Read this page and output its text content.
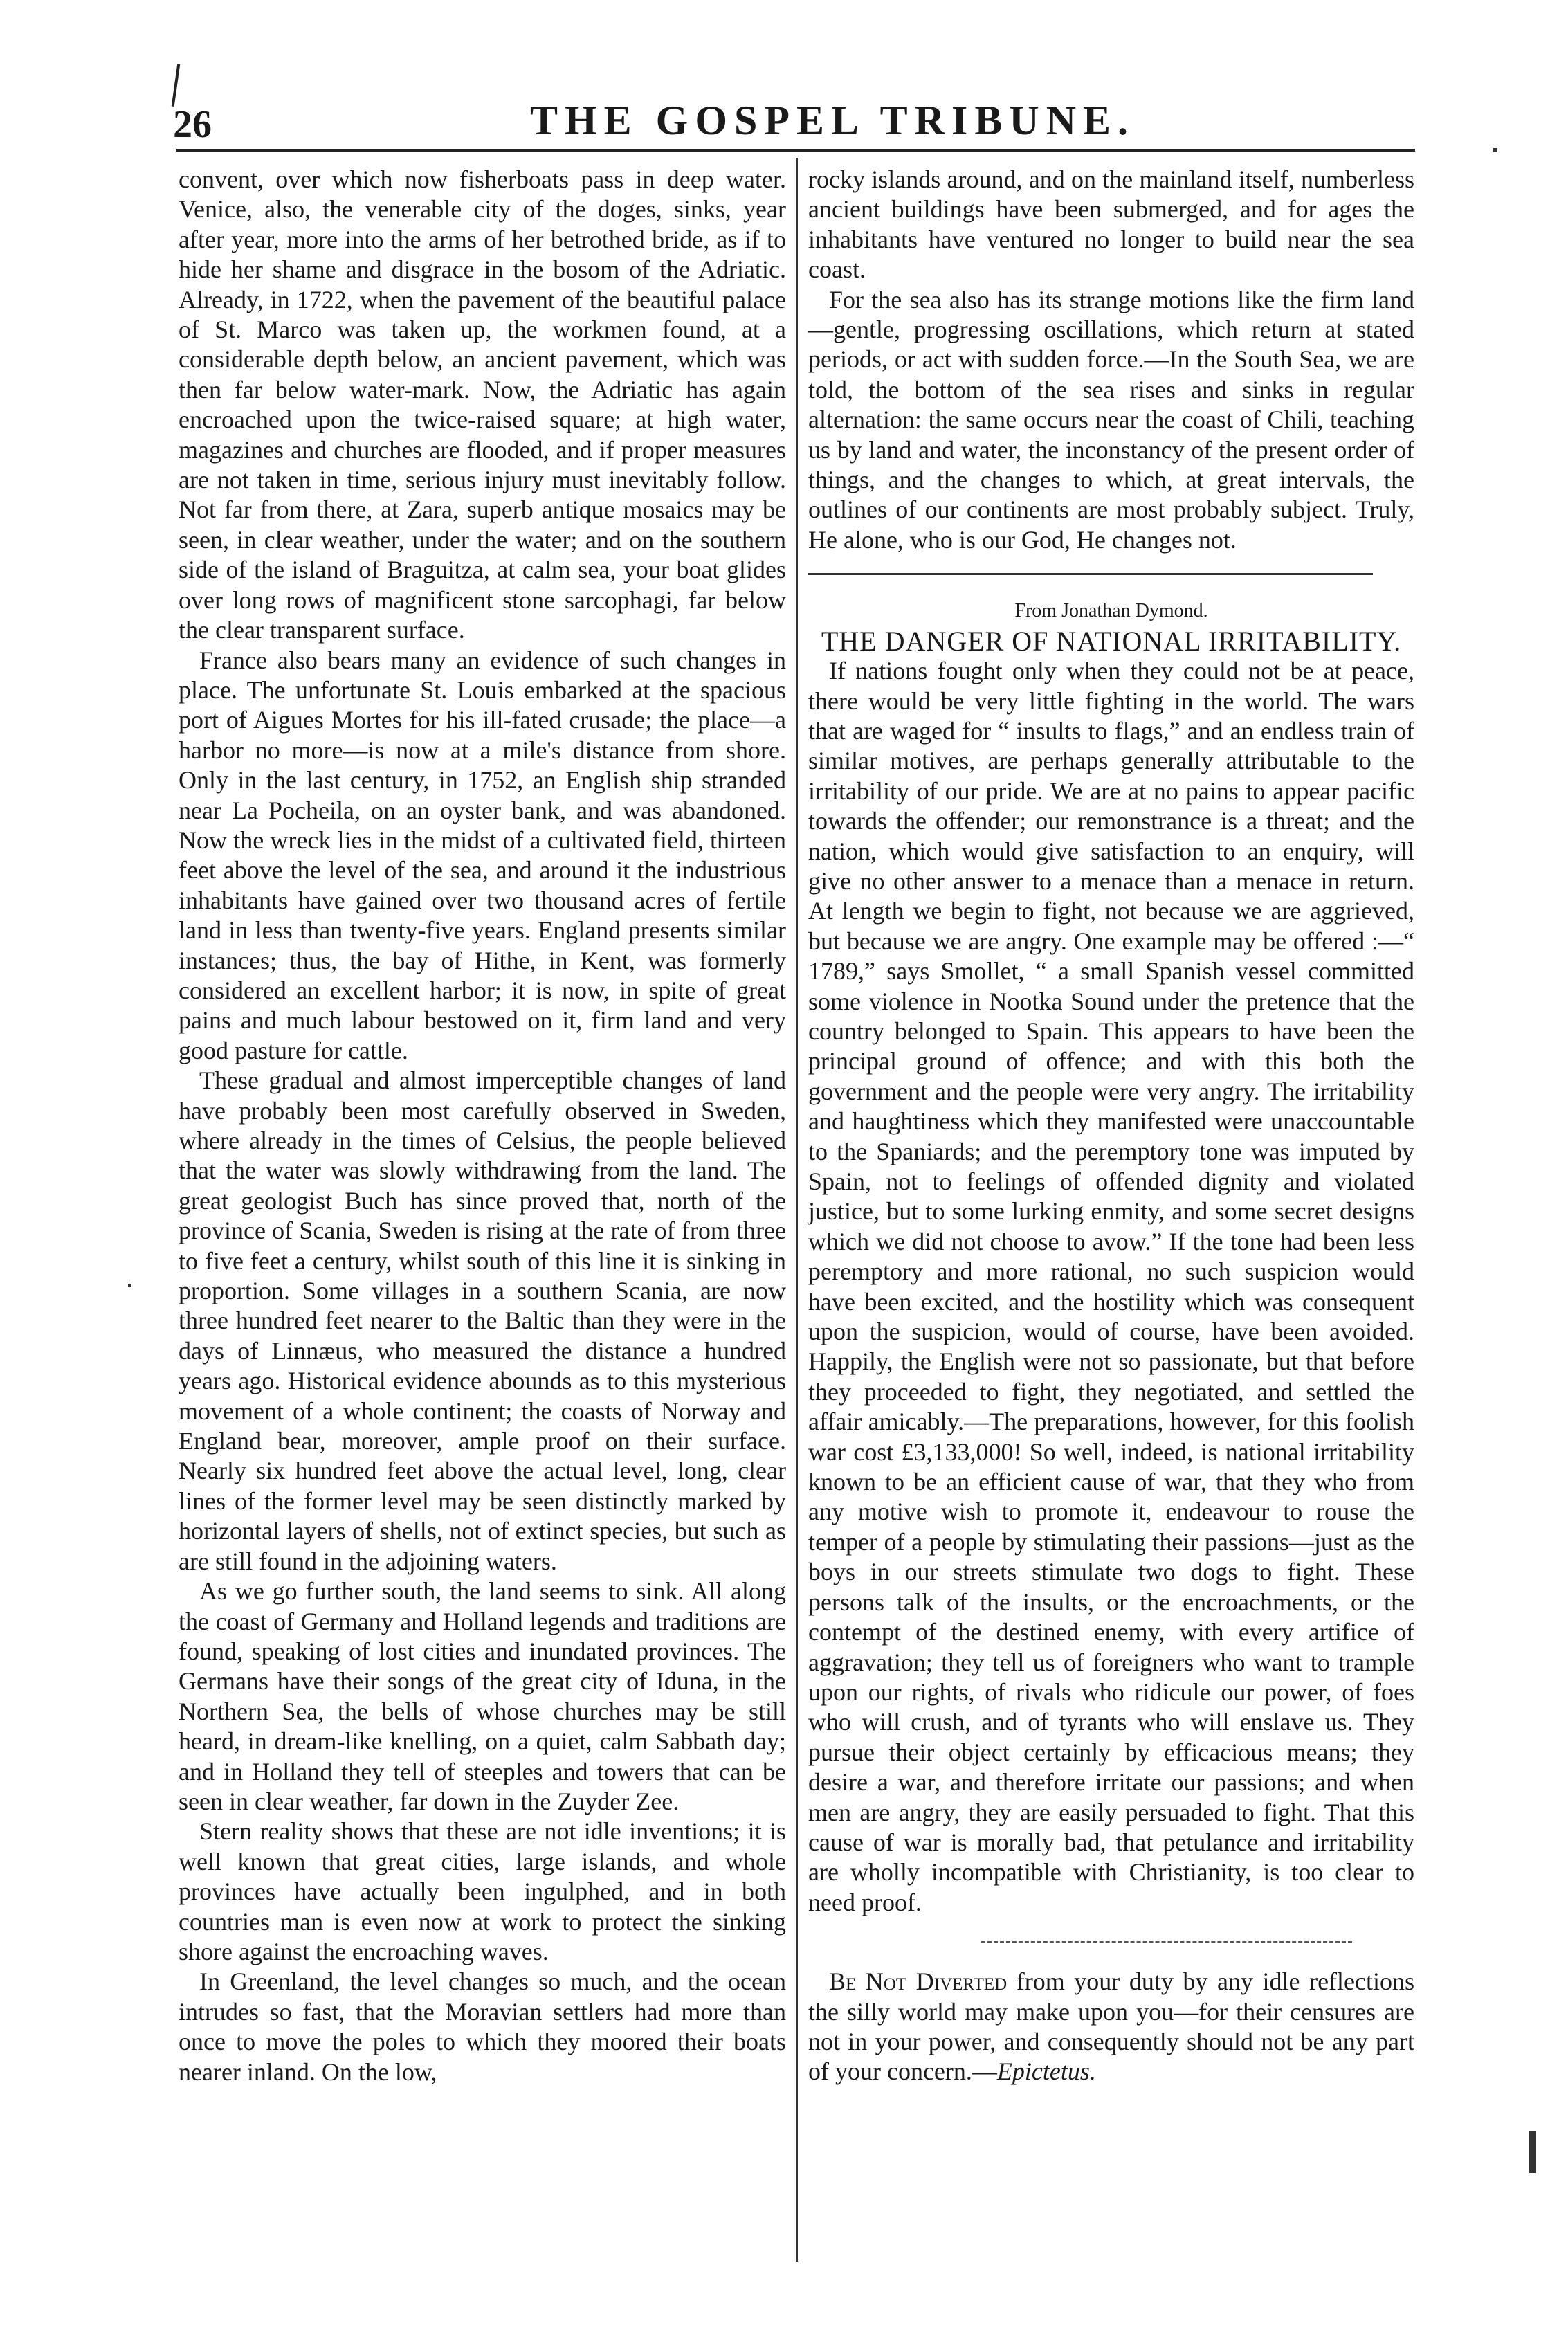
26	THE GOSPEL TRIBUNE.

convent, over which now fisherboats pass in deep water. Venice, also, the venerable city of the doges, sinks, year after year, more into the arms of her betrothed bride, as if to hide her shame and disgrace in the bosom of the Adriatic. Already, in 1722, when the pavement of the beautiful palace of St. Marco was taken up, the workmen found, at a considerable depth below, an ancient pavement, which was then far below water-mark. Now, the Adriatic has again encroached upon the twice-raised square; at high water, magazines and churches are flooded, and if proper measures are not taken in time, serious injury must inevitably follow. Not far from there, at Zara, superb antique mosaics may be seen, in clear weather, under the water; and on the southern side of the island of Braguitza, at calm sea, your boat glides over long rows of magnificent stone sarcophagi, far below the clear transparent surface.

France also bears many an evidence of such changes in place. The unfortunate St. Louis embarked at the spacious port of Aigues Mortes for his ill-fated crusade; the place—a harbor no more—is now at a mile's distance from shore. Only in the last century, in 1752, an English ship stranded near La Pocheila, on an oyster bank, and was abandoned. Now the wreck lies in the midst of a cultivated field, thirteen feet above the level of the sea, and around it the industrious inhabitants have gained over two thousand acres of fertile land in less than twenty-five years. England presents similar instances; thus, the bay of Hithe, in Kent, was formerly considered an excellent harbor; it is now, in spite of great pains and much labour bestowed on it, firm land and very good pasture for cattle.

These gradual and almost imperceptible changes of land have probably been most carefully observed in Sweden, where already in the times of Celsius, the people believed that the water was slowly withdrawing from the land. The great geologist Buch has since proved that, north of the province of Scania, Sweden is rising at the rate of from three to five feet a century, whilst south of this line it is sinking in proportion. Some villages in a southern Scania, are now three hundred feet nearer to the Baltic than they were in the days of Linnæus, who measured the distance a hundred years ago. Historical evidence abounds as to this mysterious movement of a whole continent; the coasts of Norway and England bear, moreover, ample proof on their surface. Nearly six hundred feet above the actual level, long, clear lines of the former level may be seen distinctly marked by horizontal layers of shells, not of extinct species, but such as are still found in the adjoining waters.

As we go further south, the land seems to sink. All along the coast of Germany and Holland legends and traditions are found, speaking of lost cities and inundated provinces. The Germans have their songs of the great city of Iduna, in the Northern Sea, the bells of whose churches may be still heard, in dream-like knelling, on a quiet, calm Sabbath day; and in Holland they tell of steeples and towers that can be seen in clear weather, far down in the Zuyder Zee.

Stern reality shows that these are not idle inventions; it is well known that great cities, large islands, and whole provinces have actually been ingulphed, and in both countries man is even now at work to protect the sinking shore against the encroaching waves.

In Greenland, the level changes so much, and the ocean intrudes so fast, that the Moravian settlers had more than once to move the poles to which they moored their boats nearer inland. On the low,

rocky islands around, and on the mainland itself, numberless ancient buildings have been submerged, and for ages the inhabitants have ventured no longer to build near the sea coast.

For the sea also has its strange motions like the firm land—gentle, progressing oscillations, which return at stated periods, or act with sudden force.—In the South Sea, we are told, the bottom of the sea rises and sinks in regular alternation: the same occurs near the coast of Chili, teaching us by land and water, the inconstancy of the present order of things, and the changes to which, at great intervals, the outlines of our continents are most probably subject. Truly, He alone, who is our God, He changes not.

From Jonathan Dymond.

THE DANGER OF NATIONAL IRRITABILITY.

If nations fought only when they could not be at peace, there would be very little fighting in the world. The wars that are waged for “ insults to flags,” and an endless train of similar motives, are perhaps generally attributable to the irritability of our pride. We are at no pains to appear pacific towards the offender; our remonstrance is a threat; and the nation, which would give satisfaction to an enquiry, will give no other answer to a menace than a menace in return. At length we begin to fight, not because we are aggrieved, but because we are angry. One example may be offered :—“ 1789,” says Smollet, “ a small Spanish vessel committed some violence in Nootka Sound under the pretence that the country belonged to Spain. This appears to have been the principal ground of offence; and with this both the government and the people were very angry. The irritability and haughtiness which they manifested were unaccountable to the Spaniards; and the peremptory tone was imputed by Spain, not to feelings of offended dignity and violated justice, but to some lurking enmity, and some secret designs which we did not choose to avow.” If the tone had been less peremptory and more rational, no such suspicion would have been excited, and the hostility which was consequent upon the suspicion, would of course, have been avoided. Happily, the English were not so passionate, but that before they proceeded to fight, they negotiated, and settled the affair amicably.—The preparations, however, for this foolish war cost £3,133,000! So well, indeed, is national irritability known to be an efficient cause of war, that they who from any motive wish to promote it, endeavour to rouse the temper of a people by stimulating their passions—just as the boys in our streets stimulate two dogs to fight. These persons talk of the insults, or the encroachments, or the contempt of the destined enemy, with every artifice of aggravation; they tell us of foreigners who want to trample upon our rights, of rivals who ridicule our power, of foes who will crush, and of tyrants who will enslave us. They pursue their object certainly by efficacious means; they desire a war, and therefore irritate our passions; and when men are angry, they are easily persuaded to fight. That this cause of war is morally bad, that petulance and irritability are wholly incompatible with Christianity, is too clear to need proof.

Be Not Diverted from your duty by any idle reflections the silly world may make upon you—for their censures are not in your power, and consequently should not be any part of your concern.—Epictetus.
